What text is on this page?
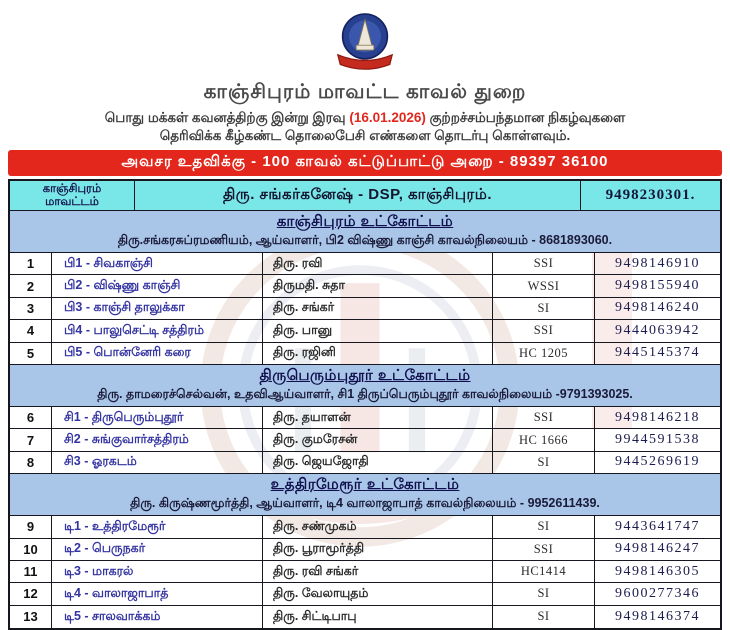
காஞ்சிபுரம் மாவட்ட காவல் துறை
பொது மக்கள் கவனத்திற்கு இன்று இரவு (16.01.2026) குற்றச்சம்பந்தமான நிகழ்வுகளை
தெரிவிக்க கீழ்கண்ட தொலைபேசி எண்களை தொடர்பு கொள்ளவும்.
அவசர உதவிக்கு - 100 காவல் கட்டுப்பாட்டு அறை - 89397 36100
காஞ்சிபுரம் மாவட்டம்	திரு. சங்கர்கனேஷ் - DSP, காஞ்சிபுரம்.	9498230301.
காஞ்சிபுரம் உட்கோட்டம்
திரு.சங்கரசுப்ரமணியம், ஆய்வாளர், பி2 விஷ்ணு காஞ்சி காவல்நிலையம் - 8681893060.
1	பி1 - சிவகாஞ்சி	திரு. ரவி	SSI	9498146910
2	பி2 - விஷ்ணு காஞ்சி	திருமதி. சுதா	WSSI	9498155940
3	பி3 - காஞ்சி தாலுக்கா	திரு. சங்கர்	SI	9498146240
4	பி4 - பாலுசெட்டி சத்திரம்	திரு. பானு	SSI	9444063942
5	பி5 - பொன்னேரி கரை	திரு. ரஜினி	HC 1205	9445145374
திருபெரும்புதூர் உட்கோட்டம்
திரு. தாமரைச்செல்வன், உதவிஆய்வாளர், சி1 திருப்பெரும்புதூர் காவல்நிலையம் -9791393025.
6	சி1 - திருபெரும்புதூர்	திரு. தயாளன்	SSI	9498146218
7	சி2 - சுங்குவார்சத்திரம்	திரு. குமரேசன்	HC 1666	9944591538
8	சி3 - ஓரகடம்	திரு. ஜெயஜோதி	SI	9445269619
உத்திரமேரூர் உட்கோட்டம்
திரு. கிருஷ்ணமூர்த்தி, ஆய்வாளர், டி4 வாலாஜாபாத் காவல்நிலையம் - 9952611439.
9	டி1 - உத்திரமேரூர்	திரு. சண்முகம்	SI	9443641747
10	டி2 - பெருநகர்	திரு. பூராமூர்த்தி	SSI	9498146247
11	டி3 - மாகரல்	திரு. ரவி சங்கர்	HC1414	9498146305
12	டி4 - வாலாஜாபாத்	திரு. வேலாயுதம்	SI	9600277346
13	டி5 - சாலவாக்கம்	திரு. சிட்டிபாபு	SI	9498146374
